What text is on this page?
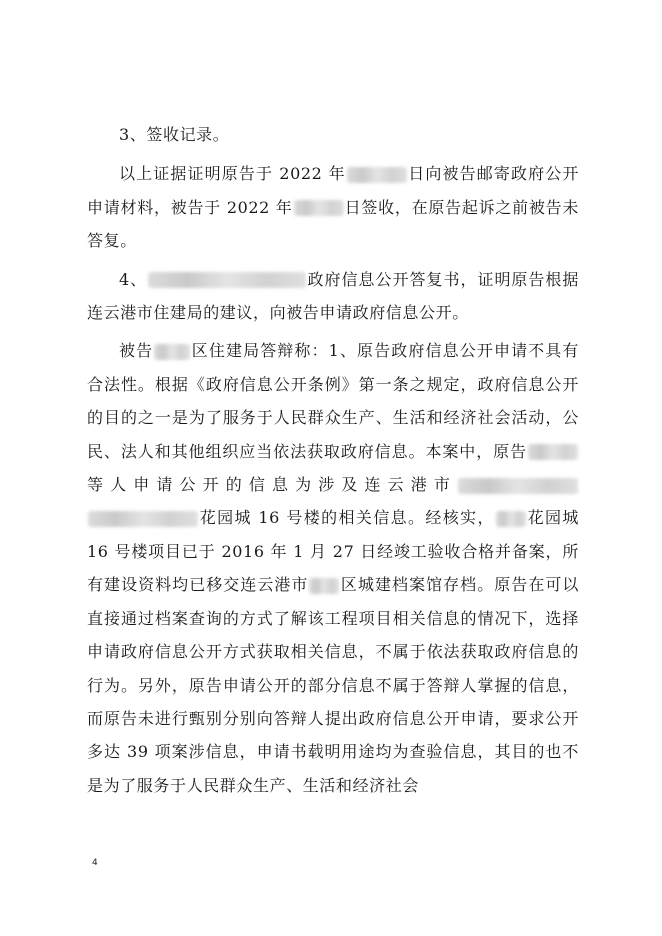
3、签收记录。

以上证据证明原告于 2022 年	日向被告邮寄政府公开申请材料，被告于 2022 年	日签收，在原告起诉之前被告未答复。

4、	政府信息公开答复书，证明原告根据连云港市住建局的建议，向被告申请政府信息公开。

被告 区住建局答辩称：1、原告政府信息公开申请不具有合法性。根据《政府信息公开条例》第一条之规定，政府信息公开的目的之一是为了服务于人民群众生产、生活和经济社会活动，公民、法人和其他组织应当依法获取政府信息。本案中，原告等人申请公开的信息为涉及连云港市花园城 16 号楼的相关信息。经核实， 花园城 16 号楼项目已于 2016 年 1 月 27 日经竣工验收合格并备案，所有建设资料均已移交连云港市 区城建档案馆存档。原告在可以直接通过档案查询的方式了解该工程项目相关信息的情况下，选择申请政府信息公开方式获取相关信息，不属于依法获取政府信息的行为。另外，原告申请公开的部分信息不属于答辩人掌握的信息，而原告未进行甄别分别向答辩人提出政府信息公开申请，要求公开多达 39 项案涉信息，申请书载明用途均为查验信息，其目的也不是为了服务于人民群众生产、生活和经济社会

4
